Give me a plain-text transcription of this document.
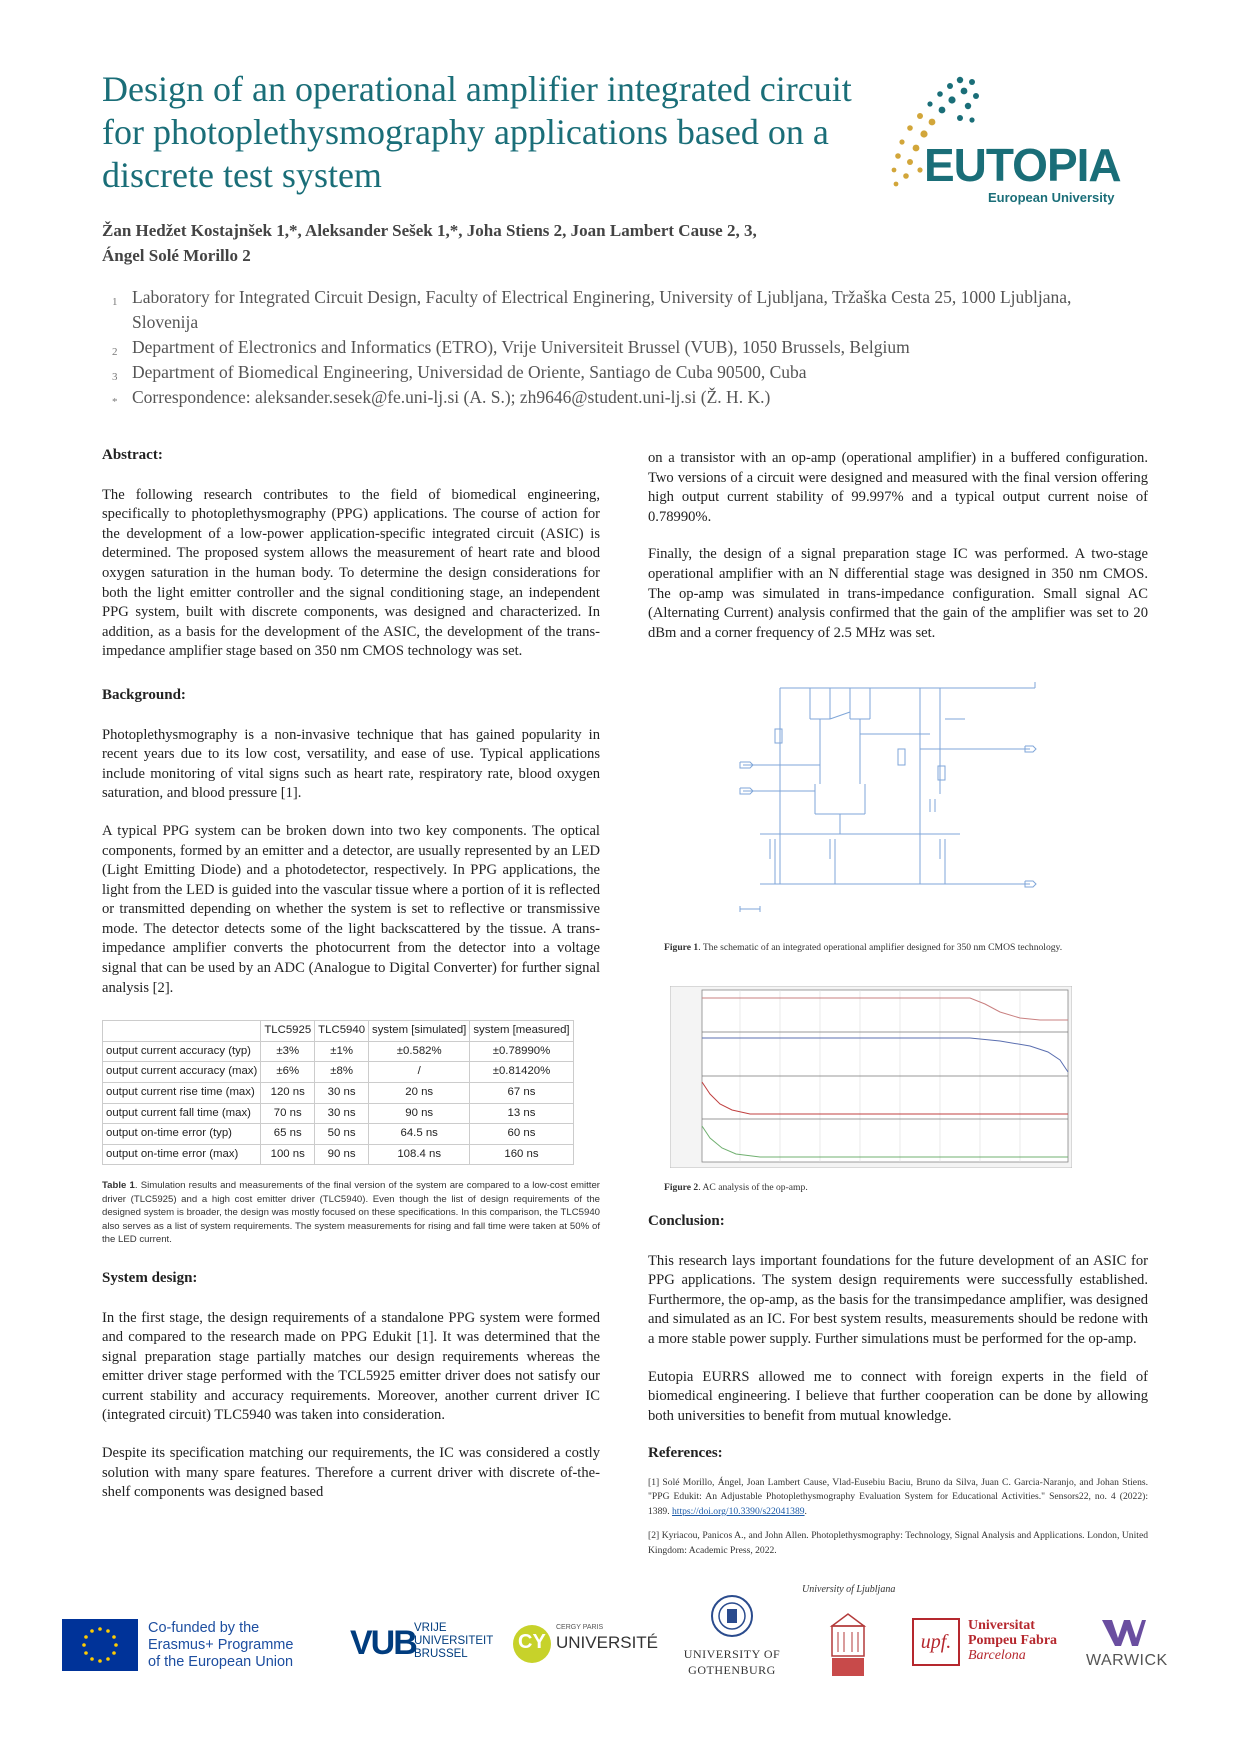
Design of an operational amplifier integrated circuit for photoplethysmography applications based on a discrete test system	EUTOPIA
European University
Žan Hedžet Kostajnšek 1,*, Aleksander Sešek 1,*, Joha Stiens 2, Joan Lambert Cause 2, 3,
Ángel Solé Morillo 2
1 Laboratory for Integrated Circuit Design, Faculty of Electrical Enginering, University of Ljubljana, Tržaška Cesta 25, 1000 Ljubljana, Slovenija
2 Department of Electronics and Informatics (ETRO), Vrije Universiteit Brussel (VUB), 1050 Brussels, Belgium
3 Department of Biomedical Engineering, Universidad de Oriente, Santiago de Cuba 90500, Cuba
* Correspondence: aleksander.sesek@fe.uni-lj.si (A. S.); zh9646@student.uni-lj.si (Ž. H. K.)
Abstract:

The following research contributes to the field of biomedical engineering, specifically to photoplethysmography (PPG) applications. The course of action for the development of a low-power application-specific integrated circuit (ASIC) is determined. The proposed system allows the measurement of heart rate and blood oxygen saturation in the human body. To determine the design considerations for both the light emitter controller and the signal conditioning stage, an independent PPG system, built with discrete components, was designed and characterized. In addition, as a basis for the development of the ASIC, the development of the trans-impedance amplifier stage based on 350 nm CMOS technology was set.

Background:

Photoplethysmography is a non-invasive technique that has gained popularity in recent years due to its low cost, versatility, and ease of use. Typical applications include monitoring of vital signs such as heart rate, respiratory rate, blood oxygen saturation, and blood pressure [1].

A typical PPG system can be broken down into two key components. The optical components, formed by an emitter and a detector, are usually represented by an LED (Light Emitting Diode) and a photodetector, respectively. In PPG applications, the light from the LED is guided into the vascular tissue where a portion of it is reflected or transmitted depending on whether the system is set to reflective or transmissive mode. The detector detects some of the light backscattered by the tissue. A trans-impedance amplifier converts the photocurrent from the detector into a voltage signal that can be used by an ADC (Analogue to Digital Converter) for further signal analysis [2].

	TLC5925	TLC5940	system [simulated]	system [measured]
output current accuracy (typ)	±3%	±1%	±0.582%	±0.78990%
output current accuracy (max)	±6%	±8%	/	±0.81420%
output current rise time (max)	120 ns	30 ns	20 ns	67 ns
output current fall time (max)	70 ns	30 ns	90 ns	13 ns
output on-time error (typ)	65 ns	50 ns	64.5 ns	60 ns
output on-time error (max)	100 ns	90 ns	108.4 ns	160 ns
Table 1. Simulation results and measurements of the final version of the system are compared to a low-cost emitter driver (TLC5925) and a high cost emitter driver (TLC5940). Even though the list of design requirements of the designed system is broader, the design was mostly focused on these specifications. In this comparison, the TLC5940 also serves as a list of system requirements. The system measurements for rising and fall time were taken at 50% of the LED current.
System design:

In the first stage, the design requirements of a standalone PPG system were formed and compared to the research made on PPG Edukit [1]. It was determined that the signal preparation stage partially matches our design requirements whereas the emitter driver stage performed with the TCL5925 emitter driver does not satisfy our current stability and accuracy requirements. Moreover, another current driver IC (integrated circuit) TLC5940 was taken into consideration.

Despite its specification matching our requirements, the IC was considered a costly solution with many spare features. Therefore a current driver with discrete of-the-shelf components was designed based

on a transistor with an op-amp (operational amplifier) in a buffered configuration. Two versions of a circuit were designed and measured with the final version offering high output current stability of 99.997% and a typical output current noise of 0.78990%.

Finally, the design of a signal preparation stage IC was performed. A two-stage operational amplifier with an N differential stage was designed in 350 nm CMOS. The op-amp was simulated in trans-impedance configuration. Small signal AC (Alternating Current) analysis confirmed that the gain of the amplifier was set to 20 dBm and a corner frequency of 2.5 MHz was set.

Figure 1. The schematic of an integrated operational amplifier designed for 350 nm CMOS technology.
Figure 2. AC analysis of the op-amp.
Conclusion:

This research lays important foundations for the future development of an ASIC for PPG applications. The system design requirements were successfully established. Furthermore, the op-amp, as the basis for the transimpedance amplifier, was designed and simulated as an IC. For best system results, measurements should be redone with a more stable power supply. Further simulations must be performed for the op-amp.

Eutopia EURRS allowed me to connect with foreign experts in the field of biomedical engineering. I believe that further cooperation can be done by allowing both universities to benefit from mutual knowledge.

References:
[1] Solé Morillo, Ángel, Joan Lambert Cause, Vlad-Eusebiu Baciu, Bruno da Silva, Juan C. Garcia-Naranjo, and Johan Stiens. "PPG Edukit: An Adjustable Photoplethysmography Evaluation System for Educational Activities." Sensors22, no. 4 (2022): 1389. https://doi.org/10.3390/s22041389.
[2] Kyriacou, Panicos A., and John Allen. Photoplethysmography: Technology, Signal Analysis and Applications. London, United Kingdom: Academic Press, 2022.
University of Ljubljana
Co-funded by the
Erasmus+ Programme
of the European Union VUB
VRIJE
UNIVERSITEIT
BRUSSEL
CY
CERGY PARIS
UNIVERSITÉ
UNIVERSITY OF
GOTHENBURG
upf.
Universitat
Pompeu Fabra
Barcelona	WARWICK
